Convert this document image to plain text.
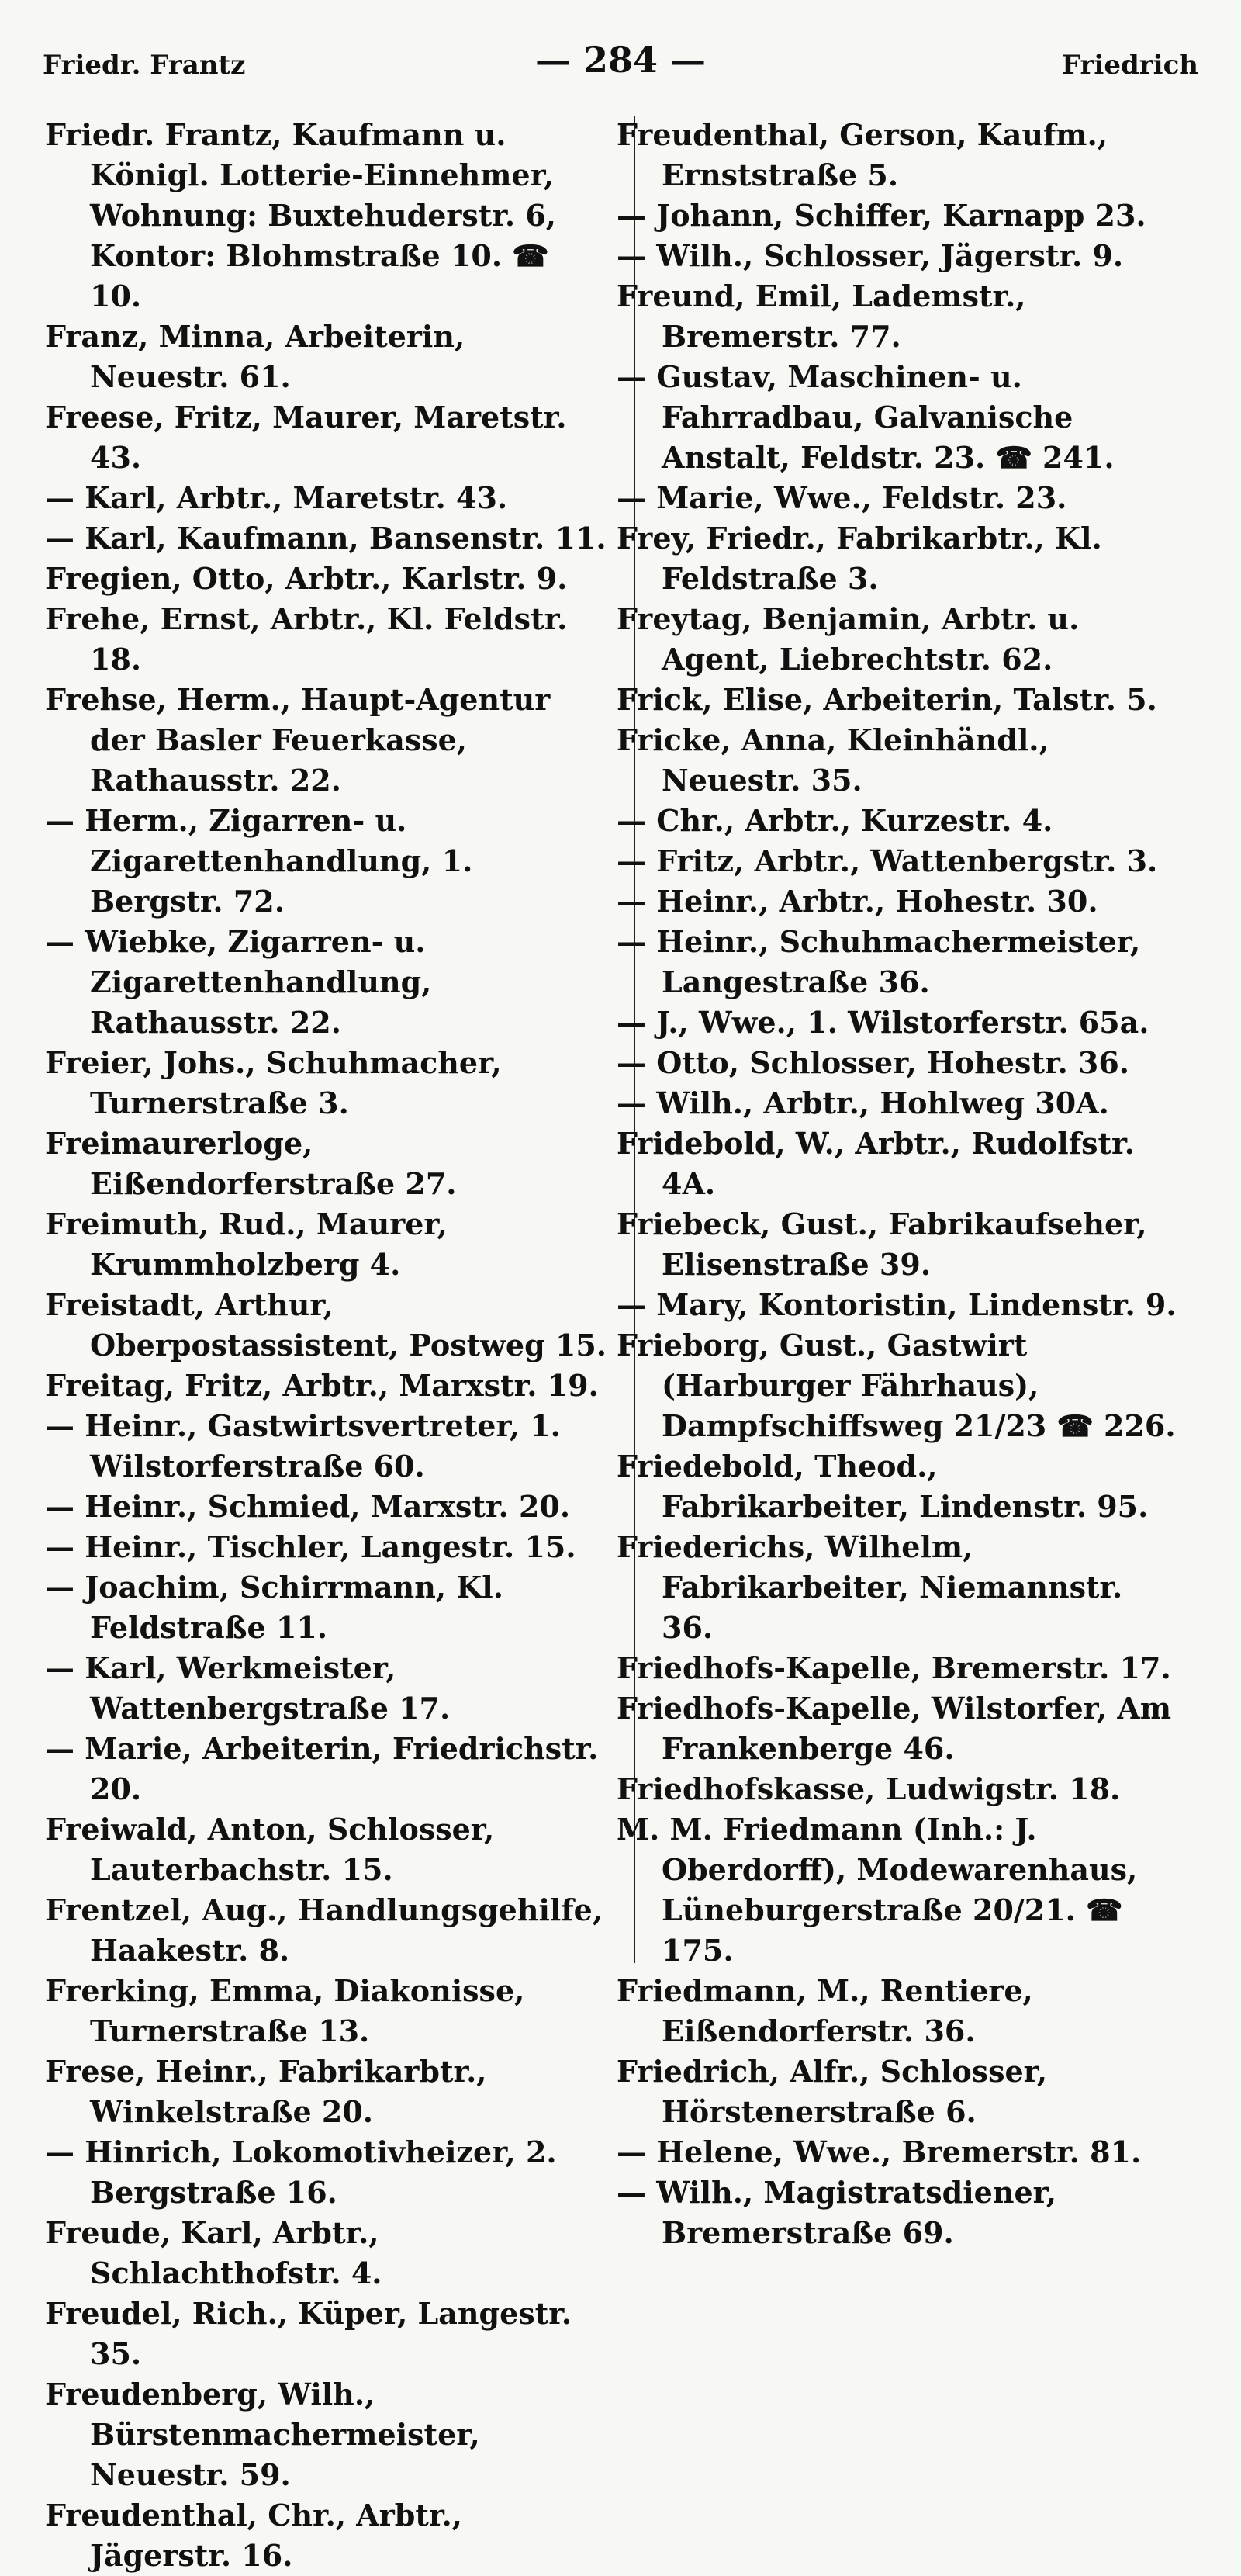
Friedr. Frantz	— 284 —	Friedrich

Friedr. Frantz, Kaufmann u. Königl. Lotterie-Einnehmer, Wohnung: Buxtehuderstr. 6, Kontor: Blohmstraße 10. ☎ 10.

Franz, Minna, Arbeiterin, Neuestr. 61.

Freese, Fritz, Maurer, Maretstr. 43.

— Karl, Arbtr., Maretstr. 43.

— Karl, Kaufmann, Bansenstr. 11.

Fregien, Otto, Arbtr., Karlstr. 9.

Frehe, Ernst, Arbtr., Kl. Feldstr. 18.

Frehse, Herm., Haupt-Agentur der Basler Feuerkasse, Rathausstr. 22.

— Herm., Zigarren- u. Zigarettenhandlung, 1. Bergstr. 72.

— Wiebke, Zigarren- u. Zigarettenhandlung, Rathausstr. 22.

Freier, Johs., Schuhmacher, Turnerstraße 3.

Freimaurerloge, Eißendorferstraße 27.

Freimuth, Rud., Maurer, Krummholzberg 4.

Freistadt, Arthur, Oberpostassistent, Postweg 15.

Freitag, Fritz, Arbtr., Marxstr. 19.

— Heinr., Gastwirtsvertreter, 1. Wilstorferstraße 60.

— Heinr., Schmied, Marxstr. 20.

— Heinr., Tischler, Langestr. 15.

— Joachim, Schirrmann, Kl. Feldstraße 11.

— Karl, Werkmeister, Wattenbergstraße 17.

— Marie, Arbeiterin, Friedrichstr. 20.

Freiwald, Anton, Schlosser, Lauterbachstr. 15.

Frentzel, Aug., Handlungsgehilfe, Haakestr. 8.

Frerking, Emma, Diakonisse, Turnerstraße 13.

Frese, Heinr., Fabrikarbtr., Winkelstraße 20.

— Hinrich, Lokomotivheizer, 2. Bergstraße 16.

Freude, Karl, Arbtr., Schlachthofstr. 4.

Freudel, Rich., Küper, Langestr. 35.

Freudenberg, Wilh., Bürstenmachermeister, Neuestr. 59.

Freudenthal, Chr., Arbtr., Jägerstr. 16.

Freudenthal, Gerson, Kaufm., Ernststraße 5.

— Johann, Schiffer, Karnapp 23.

— Wilh., Schlosser, Jägerstr. 9.

Freund, Emil, Lademstr., Bremerstr. 77.

— Gustav, Maschinen- u. Fahrradbau, Galvanische Anstalt, Feldstr. 23. ☎ 241.

— Marie, Wwe., Feldstr. 23.

Frey, Friedr., Fabrikarbtr., Kl. Feldstraße 3.

Freytag, Benjamin, Arbtr. u. Agent, Liebrechtstr. 62.

Frick, Elise, Arbeiterin, Talstr. 5.

Fricke, Anna, Kleinhändl., Neuestr. 35.

— Chr., Arbtr., Kurzestr. 4.

— Fritz, Arbtr., Wattenbergstr. 3.

— Heinr., Arbtr., Hohestr. 30.

— Heinr., Schuhmachermeister, Langestraße 36.

— J., Wwe., 1. Wilstorferstr. 65a.

— Otto, Schlosser, Hohestr. 36.

— Wilh., Arbtr., Hohlweg 30A.

Fridebold, W., Arbtr., Rudolfstr. 4A.

Friebeck, Gust., Fabrikaufseher, Elisenstraße 39.

— Mary, Kontoristin, Lindenstr. 9.

Frieborg, Gust., Gastwirt (Harburger Fährhaus), Dampfschiffsweg 21/23 ☎ 226.

Friedebold, Theod., Fabrikarbeiter, Lindenstr. 95.

Friederichs, Wilhelm, Fabrikarbeiter, Niemannstr. 36.

Friedhofs-Kapelle, Bremerstr. 17.

Friedhofs-Kapelle, Wilstorfer, Am Frankenberge 46.

Friedhofskasse, Ludwigstr. 18.

M. M. Friedmann (Inh.: J. Oberdorff), Modewarenhaus, Lüneburgerstraße 20/21. ☎ 175.

Friedmann, M., Rentiere, Eißendorferstr. 36.

Friedrich, Alfr., Schlosser, Hörstenerstraße 6.

— Helene, Wwe., Bremerstr. 81.

— Wilh., Magistratsdiener, Bremerstraße 69.
